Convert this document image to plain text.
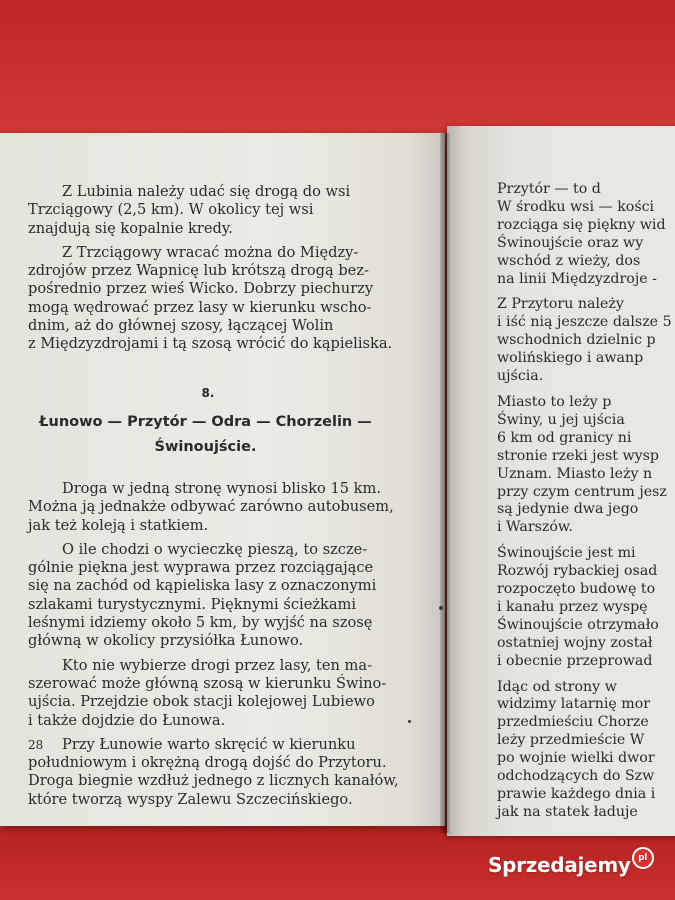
Przytór — to d
W środku wsi — kości
rozciąga się piękny wid
Świnoujście oraz wy
wschód z wieży, dos
na linii Międzyzdroje -
Z Przytoru należy
i iść nią jeszcze dalsze 5
wschodnich dzielnic p
wolińskiego i awanp
ujścia.
Miasto to leży p
Świny, u jej ujścia
6 km od granicy ni
stronie rzeki jest wysp
Uznam. Miasto leży n
przy czym centrum jesz
są jedynie dwa jego
i Warszów.
Świnoujście jest mi
Rozwój rybackiej osad
rozpoczęto budowę to
i kanału przez wyspę
Świnoujście otrzymało
ostatniej wojny został
i obecnie przeprowad
Idąc od strony w
widzimy latarnię mor
przedmieściu Chorze
leży przedmieście W
po wojnie wielki dwor
odchodzących do Szw
prawie każdego dnia i
jak na statek ładuje
Z Lubinia należy udać się drogą do wsi
Trzciągowy (2,5 km). W okolicy tej wsi
znajdują się kopalnie kredy.
Z Trzciągowy wracać można do Między-
zdrojów przez Wapnicę lub krótszą drogą bez-
pośrednio przez wieś Wicko. Dobrzy piechurzy
mogą wędrować przez lasy w kierunku wscho-
dnim, aż do głównej szosy, łączącej Wolin
z Międzyzdrojami i tą szosą wrócić do kąpieliska.
8.
Łunowo — Przytór — Odra — Chorzelin —
Świnoujście.
Droga w jedną stronę wynosi blisko 15 km.
Można ją jednakże odbywać zarówno autobusem,
jak też koleją i statkiem.
O ile chodzi o wycieczkę pieszą, to szcze-
gólnie piękna jest wyprawa przez rozciągające
się na zachód od kąpieliska lasy z oznaczonymi
szlakami turystycznymi. Pięknymi ścieżkami
leśnymi idziemy około 5 km, by wyjść na szosę
główną w okolicy przysiółka Łunowo.
Kto nie wybierze drogi przez lasy, ten ma-
szerować może główną szosą w kierunku Świno-
ujścia. Przejdzie obok stacji kolejowej Lubiewo
i także dojdzie do Łunowa.
Przy Łunowie warto skręcić w kierunku
południowym i okrężną drogą dojść do Przytoru.
Droga biegnie wzdłuż jednego z licznych kanałów,
które tworzą wyspy Zalewu Szczecińskiego.
28
Sprzedajemy pl
